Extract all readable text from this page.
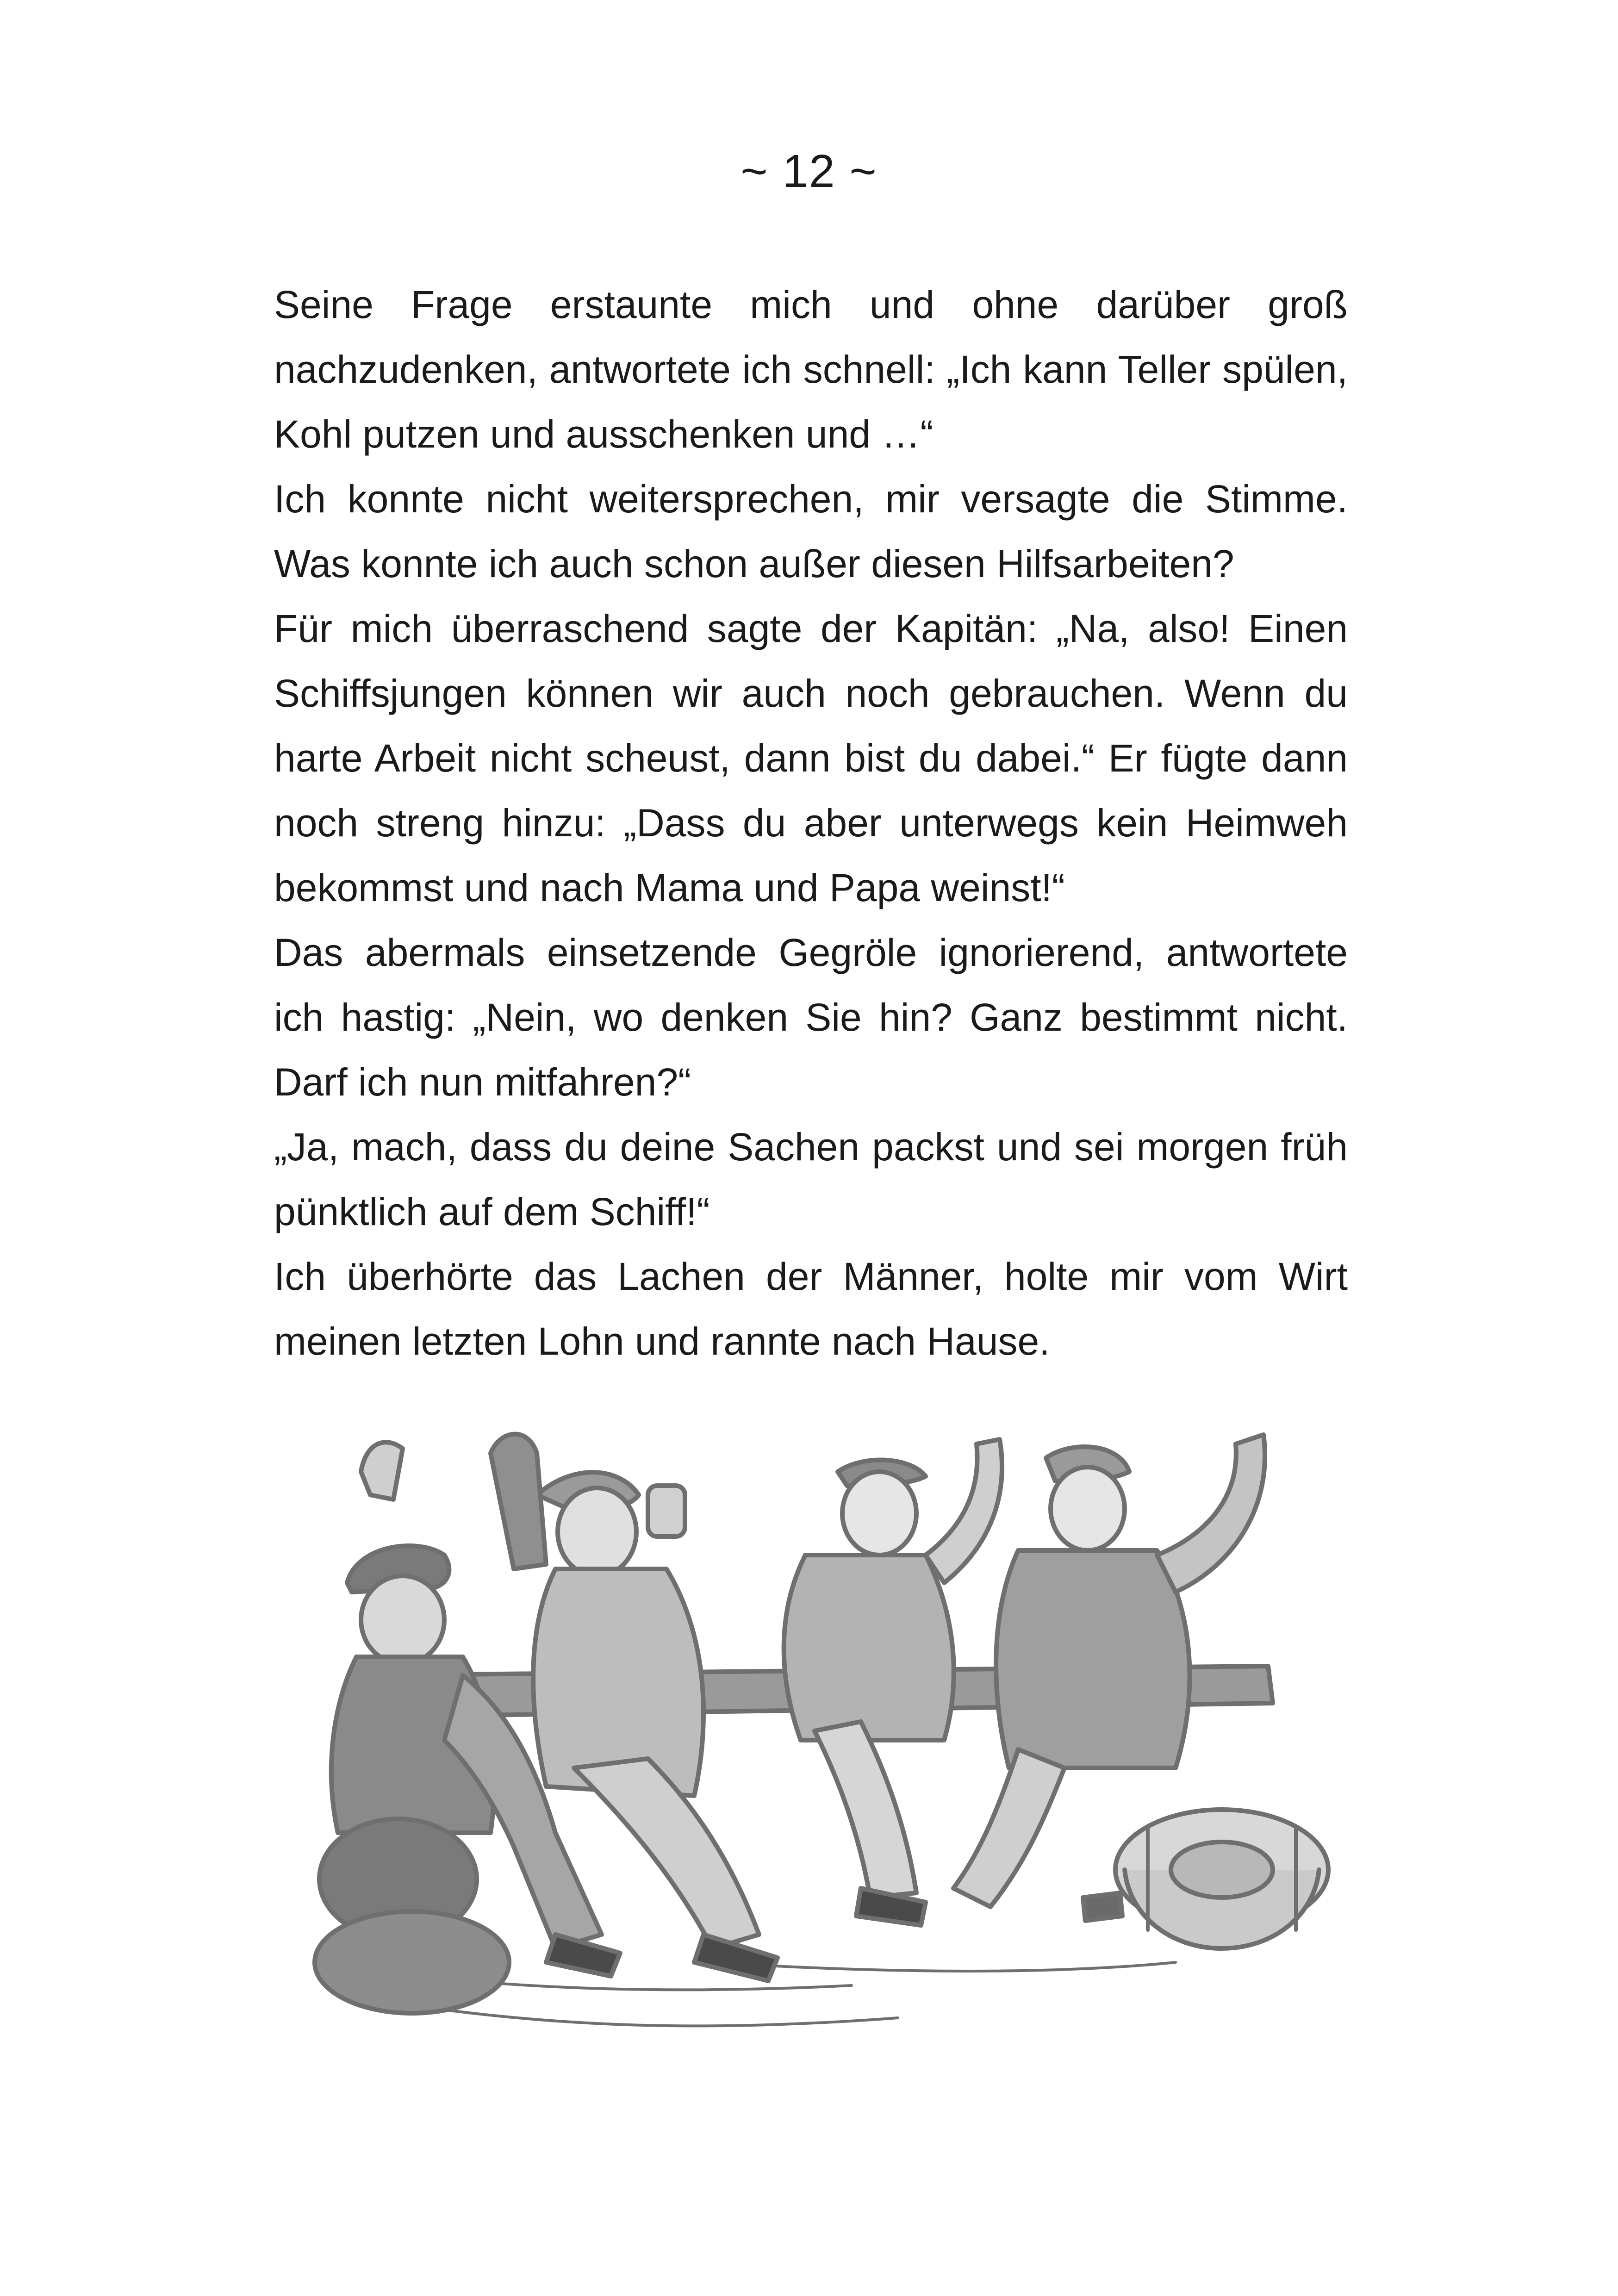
~ 12 ~

Seine Frage erstaunte mich und ohne darüber groß nachzudenken, antwortete ich schnell: „Ich kann Teller spülen, Kohl putzen und ausschenken und …“

Ich konnte nicht weitersprechen, mir versagte die Stimme. Was konnte ich auch schon außer diesen Hilfsarbeiten?

Für mich überraschend sagte der Kapitän: „Na, also! Einen Schiffsjungen können wir auch noch gebrauchen. Wenn du harte Arbeit nicht scheust, dann bist du dabei.“ Er fügte dann noch streng hinzu: „Dass du aber unterwegs kein Heimweh bekommst und nach Mama und Papa weinst!“

Das abermals einsetzende Gegröle ignorierend, antwortete ich hastig: „Nein, wo denken Sie hin? Ganz bestimmt nicht. Darf ich nun mitfahren?“

„Ja, mach, dass du deine Sachen packst und sei morgen früh pünktlich auf dem Schiff!“

Ich überhörte das Lachen der Männer, holte mir vom Wirt meinen letzten Lohn und rannte nach Hause.
